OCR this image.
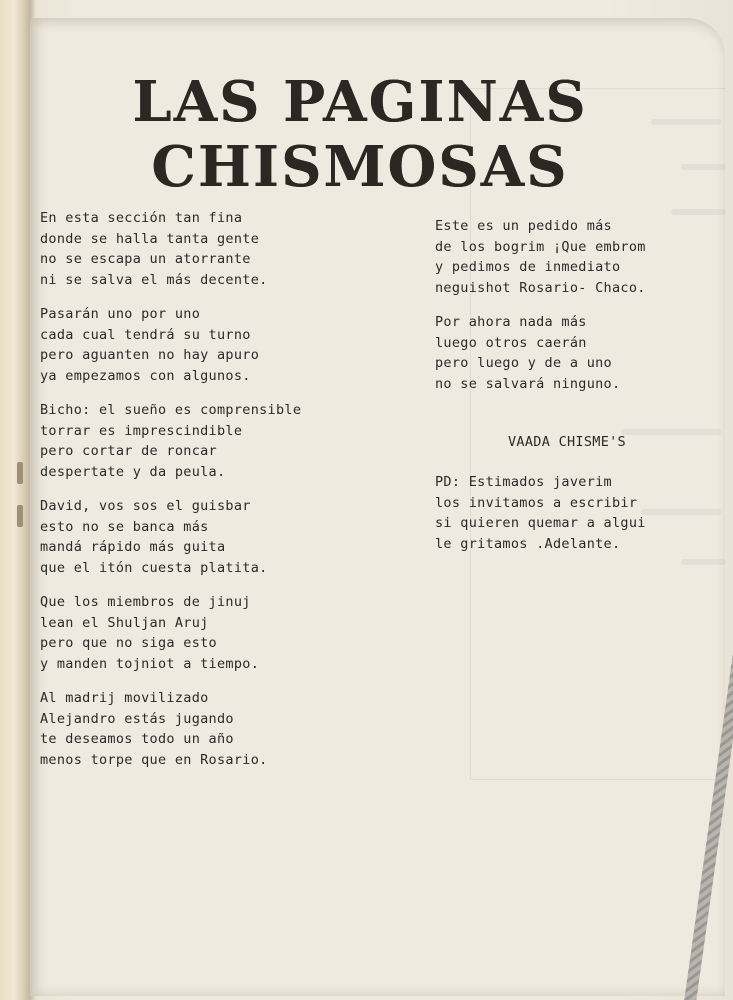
LAS PAGINAS
CHISMOSAS
En esta sección tan fina
donde se halla tanta gente
no se escapa un atorrante
ni se salva el más decente.
Pasarán uno por uno
cada cual tendrá su turno
pero aguanten no hay apuro
ya empezamos con algunos.
Bicho: el sueño es comprensible
torrar es imprescindible
pero cortar de roncar
despertate y da peula.
David, vos sos el guisbar
esto no se banca más
mandá rápido más guita
que el itón cuesta platita.
Que los miembros de jinuj
lean el Shuljan Aruj
pero que no siga esto
y manden tojniot a tiempo.
Al madrij movilizado
Alejandro estás jugando
te deseamos todo un año
menos torpe que en Rosario.
Este es un pedido más
de los bogrim ¡Que embrom
y pedimos de inmediato
neguishot Rosario- Chaco.
Por ahora nada más
luego otros caerán
pero luego y de a uno
no se salvará ninguno.
VAADA CHISME'S
PD: Estimados javerim
los invitamos a escribir
si quieren quemar a algui
le gritamos .Adelante.
